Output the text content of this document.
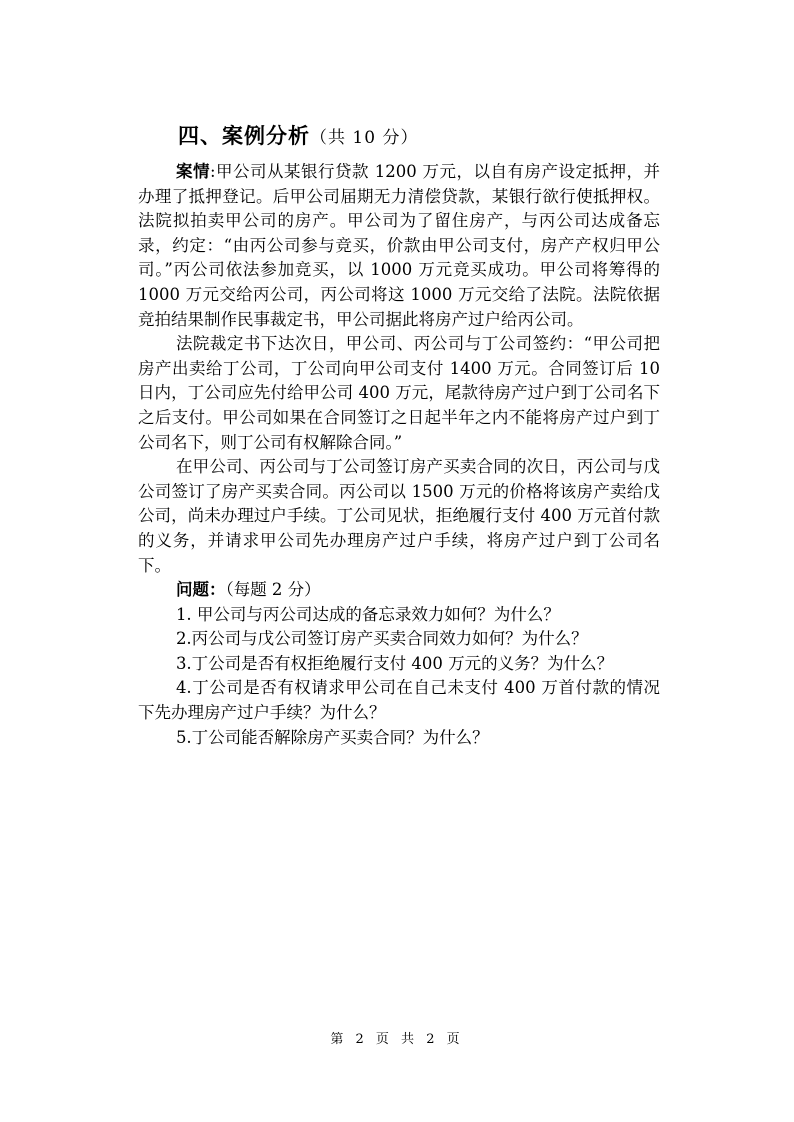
四、案例分析（共 10 分）

案情:甲公司从某银行贷款 1200 万元，以自有房产设定抵押，并办理了抵押登记。后甲公司届期无力清偿贷款，某银行欲行使抵押权。法院拟拍卖甲公司的房产。甲公司为了留住房产，与丙公司达成备忘录，约定：“由丙公司参与竞买，价款由甲公司支付，房产产权归甲公司。”丙公司依法参加竞买，以 1000 万元竞买成功。甲公司将筹得的 1000 万元交给丙公司，丙公司将这 1000 万元交给了法院。法院依据竞拍结果制作民事裁定书，甲公司据此将房产过户给丙公司。

法院裁定书下达次日，甲公司、丙公司与丁公司签约：“甲公司把房产出卖给丁公司，丁公司向甲公司支付 1400 万元。合同签订后 10 日内，丁公司应先付给甲公司 400 万元，尾款待房产过户到丁公司名下之后支付。甲公司如果在合同签订之日起半年之内不能将房产过户到丁公司名下，则丁公司有权解除合同。”

在甲公司、丙公司与丁公司签订房产买卖合同的次日，丙公司与戊公司签订了房产买卖合同。丙公司以 1500 万元的价格将该房产卖给戊公司，尚未办理过户手续。丁公司见状，拒绝履行支付 400 万元首付款的义务，并请求甲公司先办理房产过户手续，将房产过户到丁公司名下。

问题：（每题 2 分）

1. 甲公司与丙公司达成的备忘录效力如何？为什么？

2.丙公司与戊公司签订房产买卖合同效力如何？为什么？

3.丁公司是否有权拒绝履行支付 400 万元的义务？为什么？

4.丁公司是否有权请求甲公司在自己未支付 400 万首付款的情况下先办理房产过户手续？为什么？

5.丁公司能否解除房产买卖合同？为什么？

第 2 页 共 2 页
